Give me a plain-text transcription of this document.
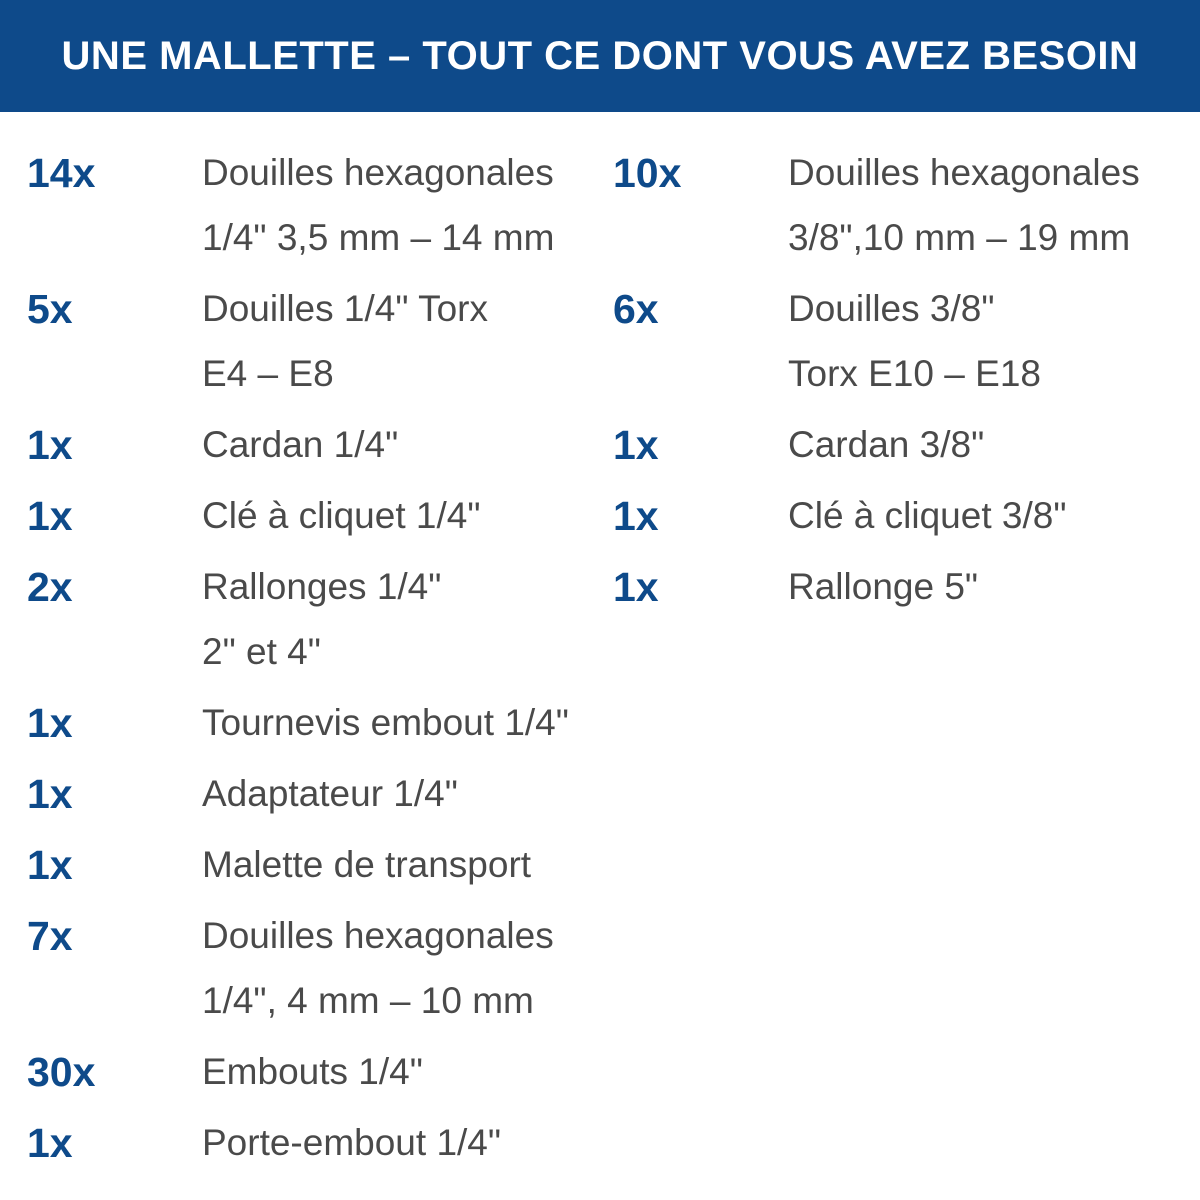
UNE MALLETTE – TOUT CE DONT VOUS AVEZ BESOIN
14x	Douilles hexagonales
1/4" 3,5 mm – 14 mm
5x	Douilles 1/4" Torx
E4 – E8
1x	Cardan 1/4"
1x	Clé à cliquet 1/4"
2x	Rallonges 1/4"
2" et 4"
1x	Tournevis embout 1/4"
1x	Adaptateur 1/4"
1x	Malette de transport
7x	Douilles hexagonales
1/4", 4 mm – 10 mm
30x	Embouts 1/4"
1x	Porte-embout 1/4"
10x	Douilles hexagonales
3/8",10 mm – 19 mm
6x	Douilles 3/8"
Torx E10 – E18
1x	Cardan 3/8"
1x	Clé à cliquet 3/8"
1x	Rallonge 5"
